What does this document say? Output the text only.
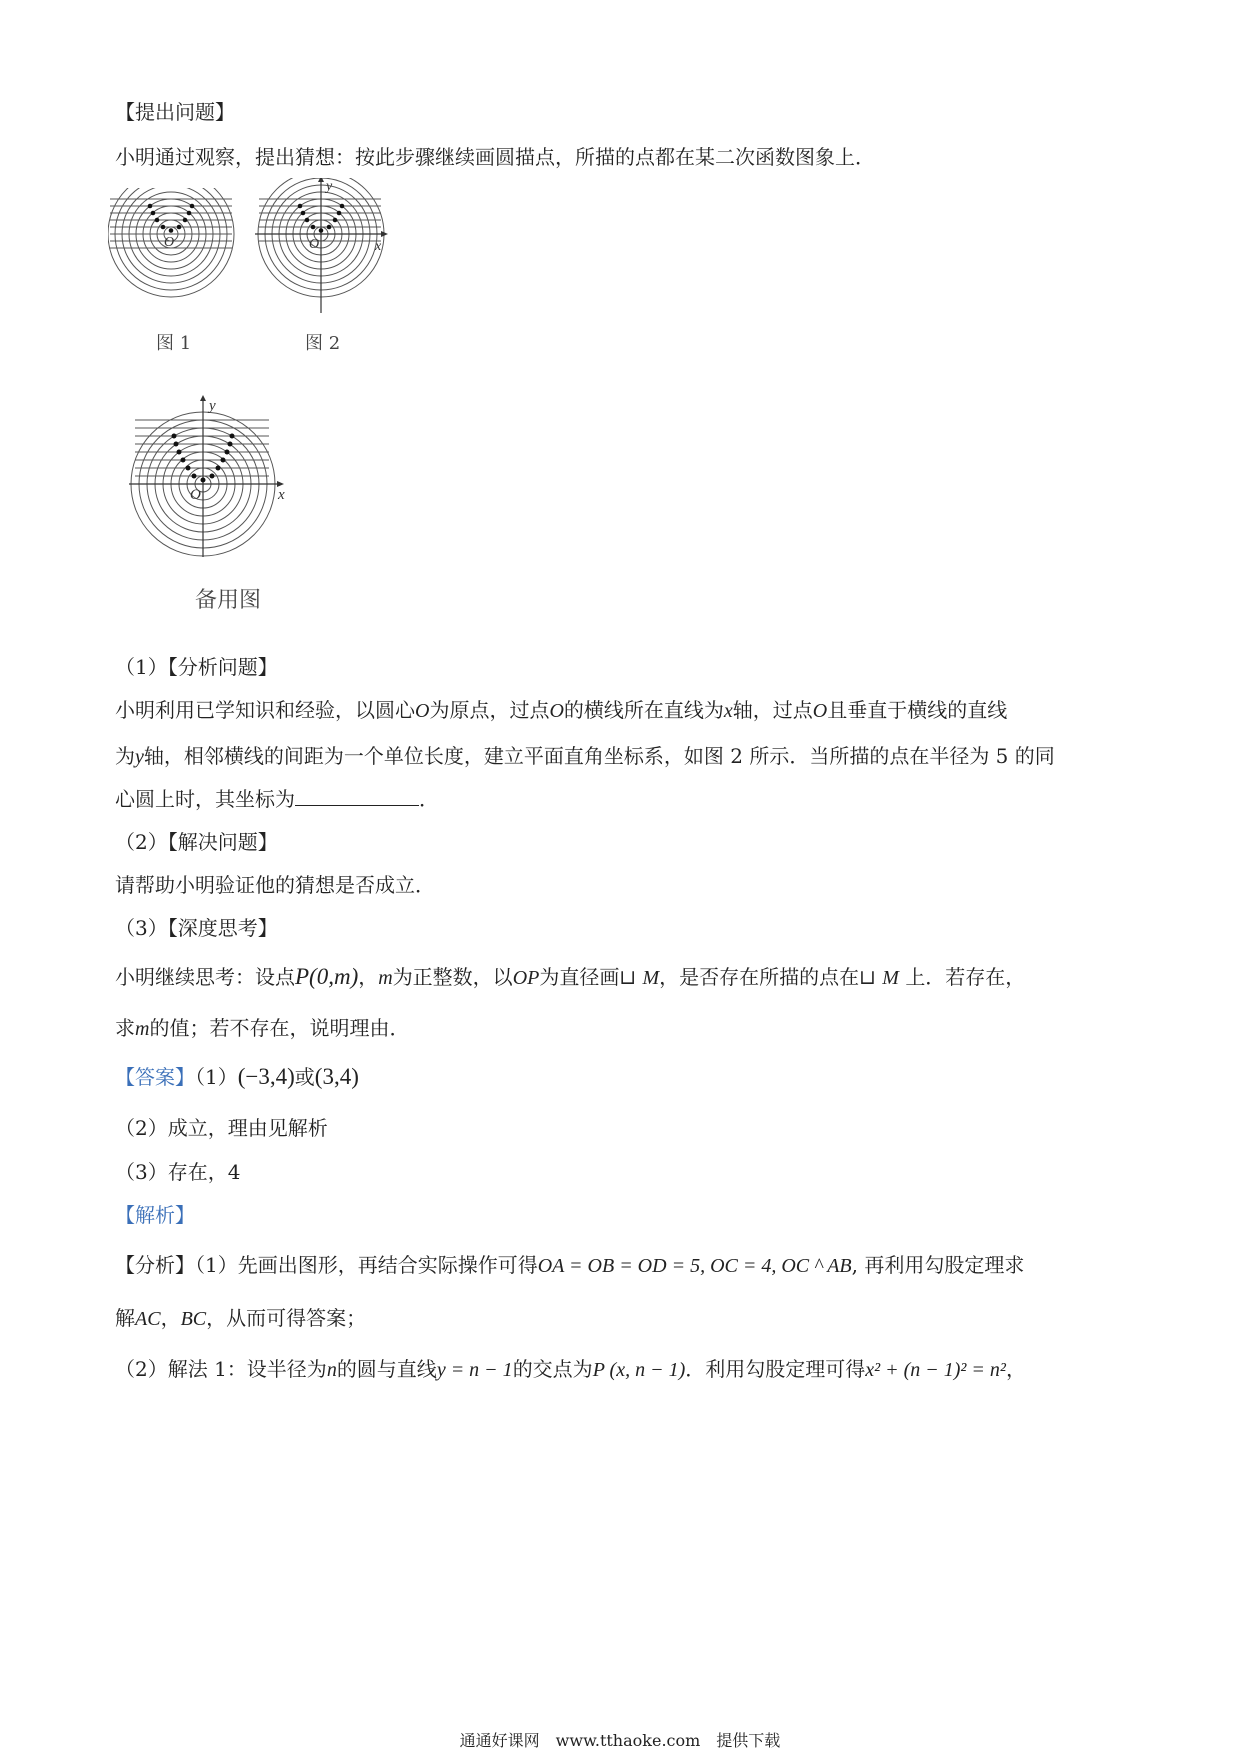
【提出问题】
小明通过观察，提出猜想：按此步骤继续画圆描点，所描的点都在某二次函数图象上．
O
图 1
y
x
O
图 2
y
x
O
备用图
（1）【分析问题】
小明利用已学知识和经验，以圆心O为原点，过点O的横线所在直线为x轴，过点O且垂直于横线的直线
为y轴，相邻横线的间距为一个单位长度，建立平面直角坐标系，如图 2 所示．当所描的点在半径为 5 的同
心圆上时，其坐标为	．
（2）【解决问题】
请帮助小明验证他的猜想是否成立．
（3）【深度思考】
小明继续思考：设点P(0,m)，m为正整数，以OP为直径画⊔ M，是否存在所描的点在⊔ M 上．若存在，
求m的值；若不存在，说明理由．
【答案】（1）(−3,4)或(3,4)
（2）成立，理由见解析
（3）存在，4
【解析】
【分析】（1）先画出图形，再结合实际操作可得OA = OB = OD = 5, OC = 4, OC ^ AB, 再利用勾股定理求
解AC，BC，从而可得答案；
（2）解法 1：设半径为n的圆与直线y = n − 1的交点为P (x, n − 1)．利用勾股定理可得x² + (n − 1)² = n²，
通通好课网　www.tthaoke.com　提供下载
